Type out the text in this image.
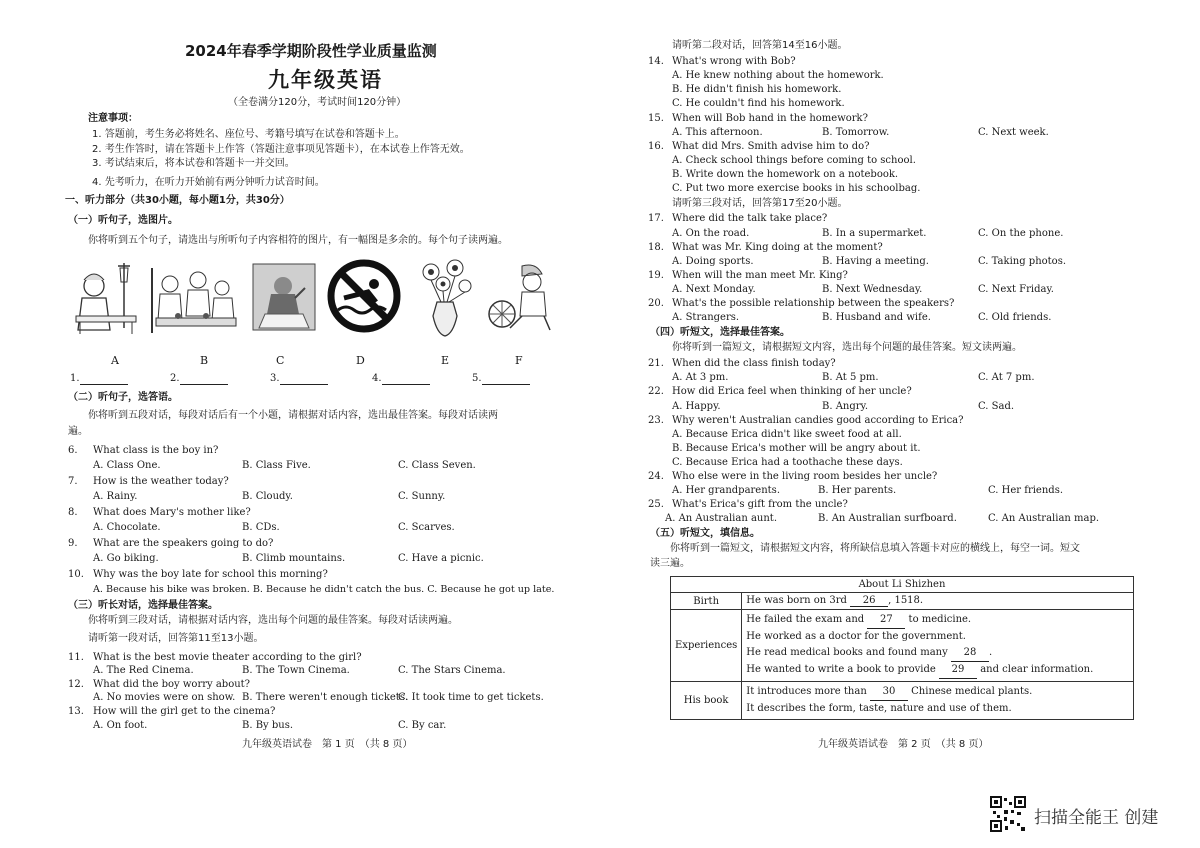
2024年春季学期阶段性学业质量监测
九年级英语
（全卷满分120分，考试时间120分钟）
注意事项：
1. 答题前，考生务必将姓名、座位号、考籍号填写在试卷和答题卡上。
2. 考生作答时，请在答题卡上作答（答题注意事项见答题卡），在本试卷上作答无效。
3. 考试结束后，将本试卷和答题卡一并交回。
4. 先考听力，在听力开始前有两分钟听力试音时间。
一、听力部分（共30小题，每小题1分，共30分）
（一）听句子，选图片。
你将听到五个句子，请选出与所听句子内容相符的图片，有一幅图是多余的。每个句子读两遍。
A	B	C	D	E	F
1.	2.	3.	4.	5.
（二）听句子，选答语。
你将听到五段对话，每段对话后有一个小题，请根据对话内容，选出最佳答案。每段对话读两
遍。
6. What class is the boy in?
A. Class One.	B. Class Five.	C. Class Seven.
7. How is the weather today?
A. Rainy.	B. Cloudy.	C. Sunny.
8. What does Mary's mother like?
A. Chocolate.	B. CDs.	C. Scarves.
9. What are the speakers going to do?
A. Go biking.	B. Climb mountains.	C. Have a picnic.
10. Why was the boy late for school this morning?
A. Because his bike was broken. B. Because he didn't catch the bus. C. Because he got up late.
（三）听长对话，选择最佳答案。
你将听到三段对话，请根据对话内容，选出每个问题的最佳答案。每段对话读两遍。
请听第一段对话，回答第11至13小题。
11. What is the best movie theater according to the girl?
A. The Red Cinema.	B. The Town Cinema.	C. The Stars Cinema.
12. What did the boy worry about?
A. No movies were on show. B. There weren't enough tickets.
C. It took time to get tickets.
13. How will the girl get to the cinema?
A. On foot.	B. By bus.	C. By car.
九年级英语试卷　第 1 页　（共 8 页）
请听第二段对话，回答第14至16小题。
14. What's wrong with Bob?
A. He knew nothing about the homework.
B. He didn't finish his homework.
C. He couldn't find his homework.
15. When will Bob hand in the homework?
A. This afternoon.	B. Tomorrow.	C. Next week.
16. What did Mrs. Smith advise him to do?
A. Check school things before coming to school.
B. Write down the homework on a notebook.
C. Put two more exercise books in his schoolbag.
请听第三段对话，回答第17至20小题。
17. Where did the talk take place?
A. On the road.	B. In a supermarket.	C. On the phone.
18. What was Mr. King doing at the moment?
A. Doing sports.	B. Having a meeting.	C. Taking photos.
19. When will the man meet Mr. King?
A. Next Monday.	B. Next Wednesday.	C. Next Friday.
20. What's the possible relationship between the speakers?
A. Strangers.	B. Husband and wife.	C. Old friends.
（四）听短文，选择最佳答案。
你将听到一篇短文，请根据短文内容，选出每个问题的最佳答案。短文读两遍。
21. When did the class finish today?
A. At 3 pm.	B. At 5 pm.	C. At 7 pm.
22. How did Erica feel when thinking of her uncle?
A. Happy.	B. Angry.	C. Sad.
23. Why weren't Australian candies good according to Erica?
A. Because Erica didn't like sweet food at all.
B. Because Erica's mother will be angry about it.
C. Because Erica had a toothache these days.
24. Who else were in the living room besides her uncle?
A. Her grandparents.	B. Her parents.	C. Her friends.
25. What's Erica's gift from the uncle?
A. An Australian aunt.	B. An Australian surfboard.	C. An Australian map.
（五）听短文，填信息。
你将听到一篇短文，请根据短文内容，将所缺信息填入答题卡对应的横线上，每空一词。短文
读三遍。
About Li Shizhen	
Birth	He was born on 3rd 26 , 1518.
Experiences	He failed the exam and 27 to medicine.
He worked as a doctor for the government.
He read medical books and found many 28 .
He wanted to write a book to provide 29 and clear information.

His book	It introduces more than 30 Chinese medical plants.
It describes the form, taste, nature and use of them.
九年级英语试卷　第 2 页　（共 8 页）
扫描全能王 创建
